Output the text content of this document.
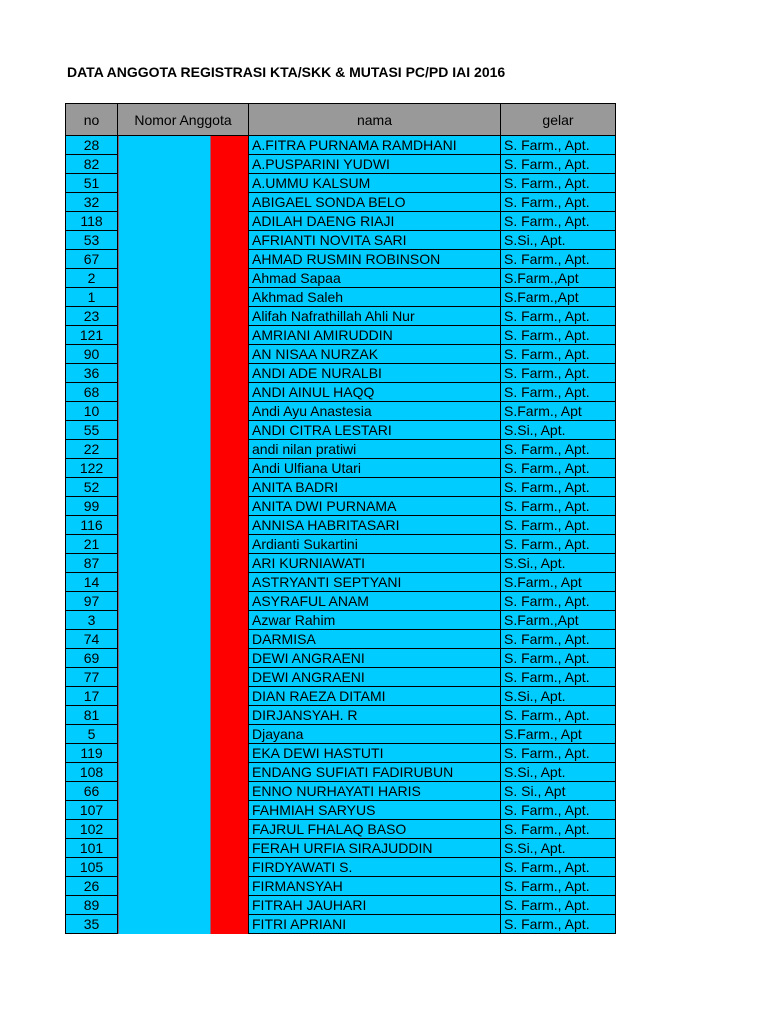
DATA ANGGOTA REGISTRASI KTA/SKK & MUTASI PC/PD IAI 2016
no	Nomor Anggota	nama	gelar
28		A.FITRA PURNAMA RAMDHANI	S. Farm., Apt.
82		A.PUSPARINI YUDWI	S. Farm., Apt.
51		A.UMMU KALSUM	S. Farm., Apt.
32		ABIGAEL SONDA BELO	S. Farm., Apt.
118		ADILAH DAENG RIAJI	S. Farm., Apt.
53		AFRIANTI NOVITA SARI	S.Si., Apt.
67		AHMAD RUSMIN ROBINSON	S. Farm., Apt.
2		Ahmad Sapaa	S.Farm.,Apt
1		Akhmad Saleh	S.Farm.,Apt
23		Alifah Nafrathillah Ahli Nur	S. Farm., Apt.
121		AMRIANI AMIRUDDIN	S. Farm., Apt.
90		AN NISAA NURZAK	S. Farm., Apt.
36		ANDI ADE NURALBI	S. Farm., Apt.
68		ANDI AINUL HAQQ	S. Farm., Apt.
10		Andi Ayu Anastesia	S.Farm., Apt
55		ANDI CITRA LESTARI	S.Si., Apt.
22		andi nilan pratiwi	S. Farm., Apt.
122		Andi Ulfiana Utari	S. Farm., Apt.
52		ANITA BADRI	S. Farm., Apt.
99		ANITA DWI PURNAMA	S. Farm., Apt.
116		ANNISA HABRITASARI	S. Farm., Apt.
21		Ardianti Sukartini	S. Farm., Apt.
87		ARI KURNIAWATI	S.Si., Apt.
14		ASTRYANTI SEPTYANI	S.Farm., Apt
97		ASYRAFUL ANAM	S. Farm., Apt.
3		Azwar Rahim	S.Farm.,Apt
74		DARMISA	S. Farm., Apt.
69		DEWI ANGRAENI	S. Farm., Apt.
77		DEWI ANGRAENI	S. Farm., Apt.
17		DIAN RAEZA DITAMI	S.Si., Apt.
81		DIRJANSYAH. R	S. Farm., Apt.
5		Djayana	S.Farm., Apt
119		EKA DEWI HASTUTI	S. Farm., Apt.
108		ENDANG SUFIATI FADIRUBUN	S.Si., Apt.
66		ENNO NURHAYATI HARIS	S. Si., Apt
107		FAHMIAH SARYUS	S. Farm., Apt.
102		FAJRUL FHALAQ BASO	S. Farm., Apt.
101		FERAH URFIA SIRAJUDDIN	S.Si., Apt.
105		FIRDYAWATI S.	S. Farm., Apt.
26		FIRMANSYAH	S. Farm., Apt.
89		FITRAH JAUHARI	S. Farm., Apt.
35		FITRI APRIANI	S. Farm., Apt.
